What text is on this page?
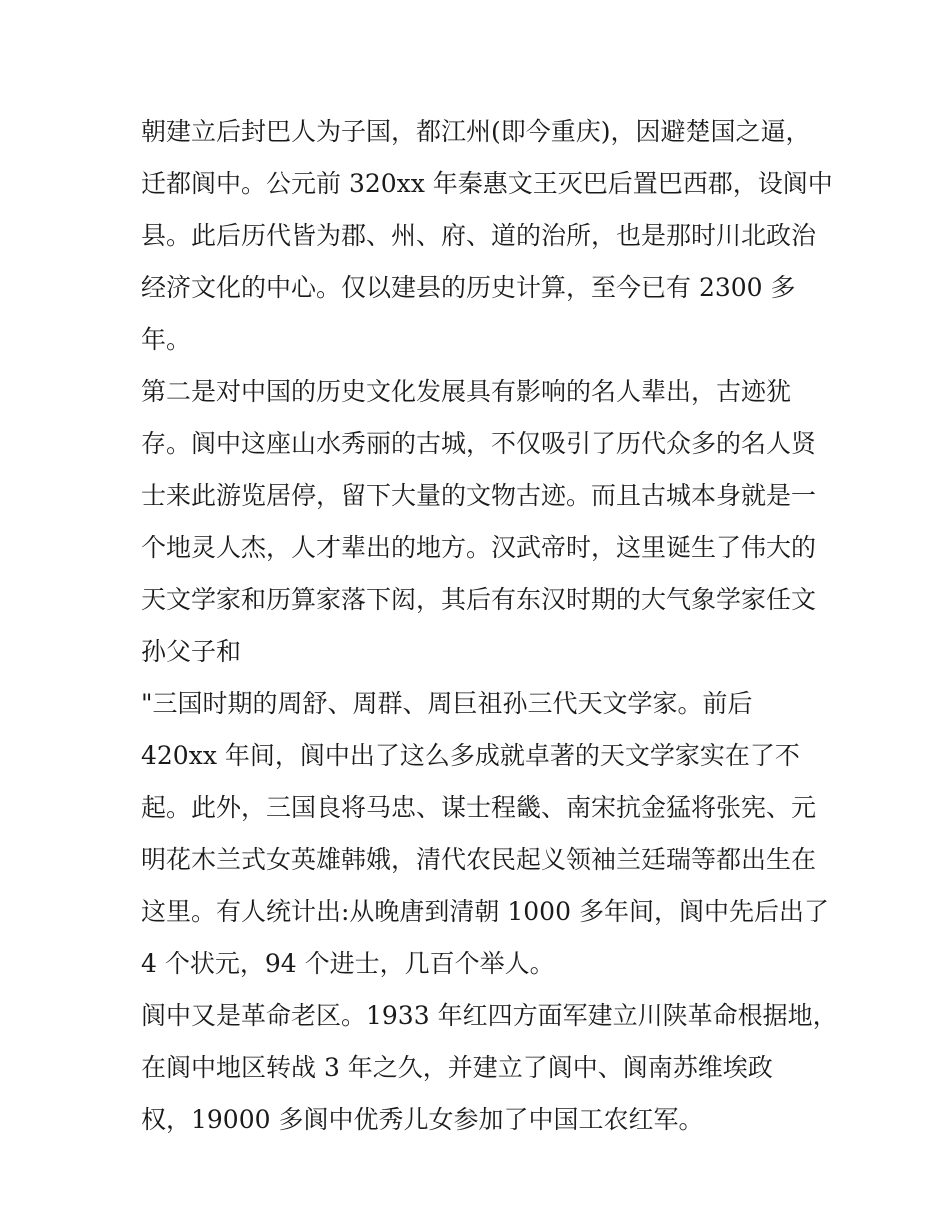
朝建立后封巴人为子国，都江州(即今重庆)，因避楚国之逼，
迁都阆中。公元前 320xx 年秦惠文王灭巴后置巴西郡，设阆中
县。此后历代皆为郡、州、府、道的治所，也是那时川北政治
经济文化的中心。仅以建县的历史计算，至今已有 2300 多
年。
第二是对中国的历史文化发展具有影响的名人辈出，古迹犹
存。阆中这座山水秀丽的古城，不仅吸引了历代众多的名人贤
士来此游览居停，留下大量的文物古迹。而且古城本身就是一
个地灵人杰，人才辈出的地方。汉武帝时，这里诞生了伟大的
天文学家和历算家落下闳，其后有东汉时期的大气象学家任文
孙父子和
"三国时期的周舒、周群、周巨祖孙三代天文学家。前后
420xx 年间，阆中出了这么多成就卓著的天文学家实在了不
起。此外，三国良将马忠、谋士程畿、南宋抗金猛将张宪、元
明花木兰式女英雄韩娥，清代农民起义领袖兰廷瑞等都出生在
这里。有人统计出:从晚唐到清朝 1000 多年间，阆中先后出了
4 个状元，94 个进士，几百个举人。
阆中又是革命老区。1933 年红四方面军建立川陕革命根据地，
在阆中地区转战 3 年之久，并建立了阆中、阆南苏维埃政
权，19000 多阆中优秀儿女参加了中国工农红军。
